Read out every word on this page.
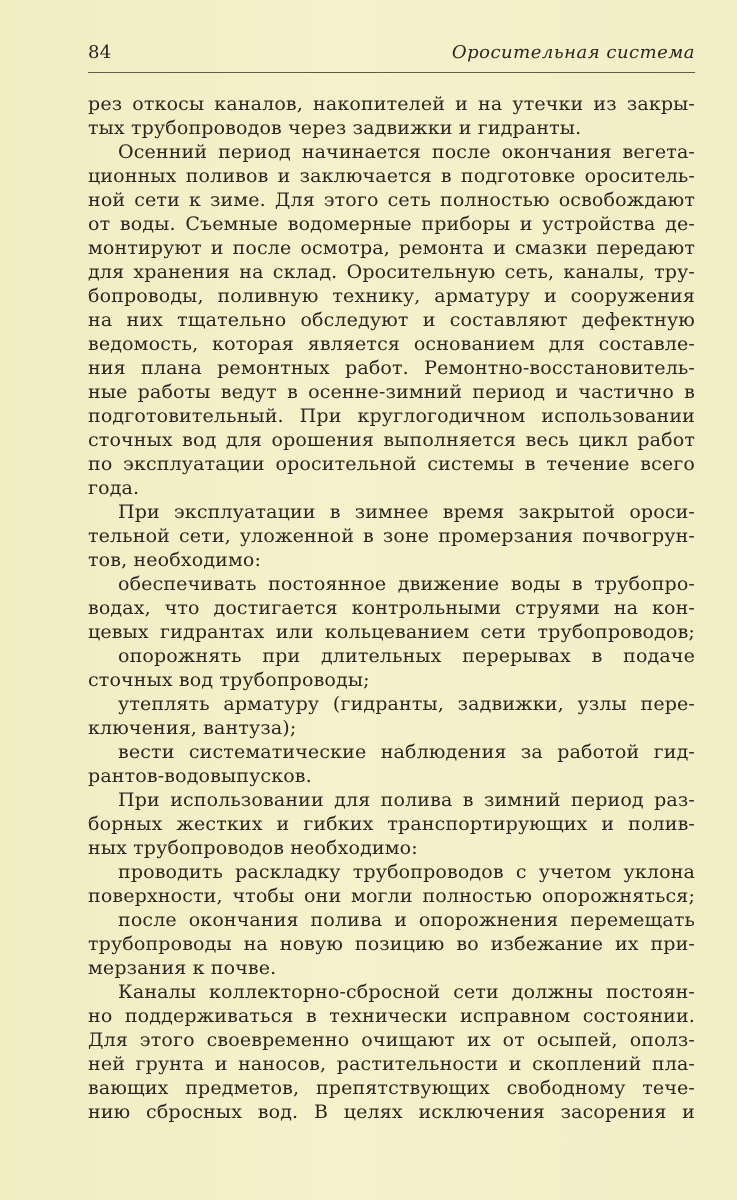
84	Оросительная система
рез откосы каналов, накопителей и на утечки из закры-
тых трубопроводов через задвижки и гидранты.
Осенний период начинается после окончания вегета-
ционных поливов и заключается в подготовке ороситель-
ной сети к зиме. Для этого сеть полностью освобождают
от воды. Съемные водомерные приборы и устройства де-
монтируют и после осмотра, ремонта и смазки передают
для хранения на склад. Оросительную сеть, каналы, тру-
бопроводы, поливную технику, арматуру и сооружения
на них тщательно обследуют и составляют дефектную
ведомость, которая является основанием для составле-
ния плана ремонтных работ. Ремонтно-восстановитель-
ные работы ведут в осенне-зимний период и частично в
подготовительный. При круглогодичном использовании
сточных вод для орошения выполняется весь цикл работ
по эксплуатации оросительной системы в течение всего
года.
При эксплуатации в зимнее время закрытой ороси-
тельной сети, уложенной в зоне промерзания почвогрун-
тов, необходимо:
обеспечивать постоянное движение воды в трубопро-
водах, что достигается контрольными струями на кон-
цевых гидрантах или кольцеванием сети трубопроводов;
опорожнять при длительных перерывах в подаче
сточных вод трубопроводы;
утеплять арматуру (гидранты, задвижки, узлы пере-
ключения, вантуза);
вести систематические наблюдения за работой гид-
рантов-водовыпусков.
При использовании для полива в зимний период раз-
борных жестких и гибких транспортирующих и полив-
ных трубопроводов необходимо:
проводить раскладку трубопроводов с учетом уклона
поверхности, чтобы они могли полностью опорожняться;
после окончания полива и опорожнения перемещать
трубопроводы на новую позицию во избежание их при-
мерзания к почве.
Каналы коллекторно-сбросной сети должны постоян-
но поддерживаться в технически исправном состоянии.
Для этого своевременно очищают их от осыпей, ополз-
ней грунта и наносов, растительности и скоплений пла-
вающих предметов, препятствующих свободному тече-
нию сбросных вод. В целях исключения засорения и
